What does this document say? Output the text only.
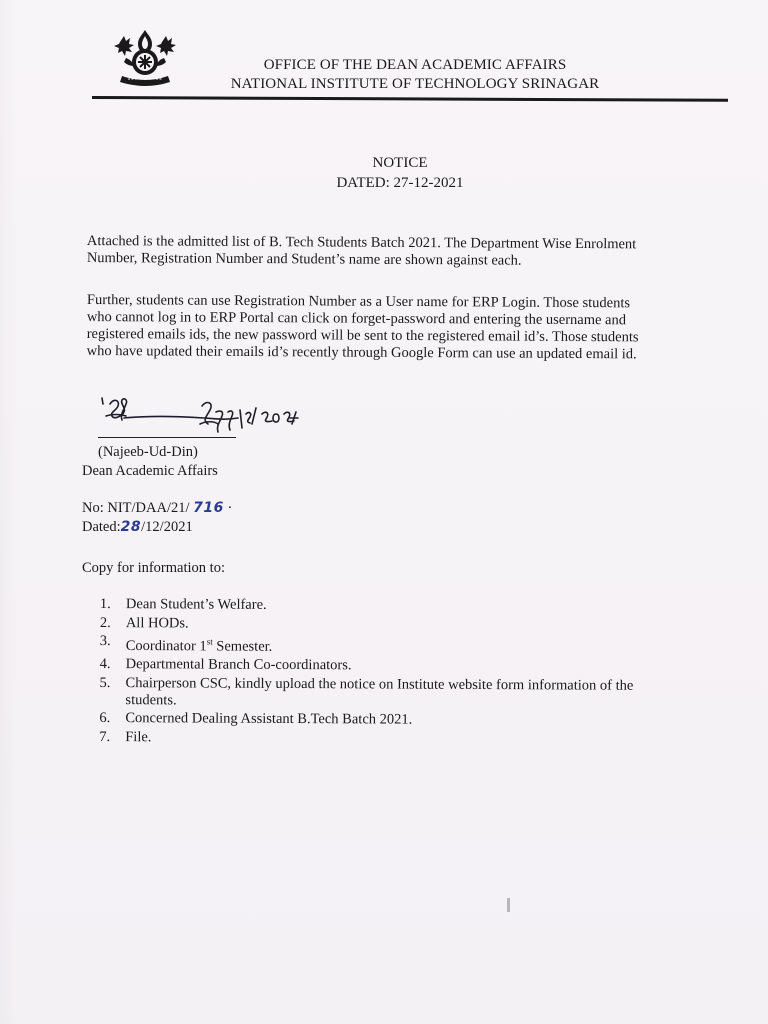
OFFICE OF THE DEAN ACADEMIC AFFAIRS
NATIONAL INSTITUTE OF TECHNOLOGY SRINAGAR
NOTICE
DATED: 27-12-2021
Attached is the admitted list of B. Tech Students Batch 2021. The Department Wise Enrolment
Number, Registration Number and Student’s name are shown against each.
Further, students can use Registration Number as a User name for ERP Login. Those students
who cannot log in to ERP Portal can click on forget-password and entering the username and
registered emails ids, the new password will be sent to the registered email id’s. Those students
who have updated their emails id’s recently through Google Form can use an updated email id.
(Najeeb-Ud-Din)
Dean Academic Affairs
No: NIT/DAA/21/ 716 ·
Dated:28/12/2021
Copy for information to:
1. Dean Student’s Welfare.
2. All HODs.
3. Coordinator 1st Semester.
4. Departmental Branch Co-coordinators.
5. Chairperson CSC, kindly upload the notice on Institute website form information of the
students.
6. Concerned Dealing Assistant B.Tech Batch 2021.
7. File.
